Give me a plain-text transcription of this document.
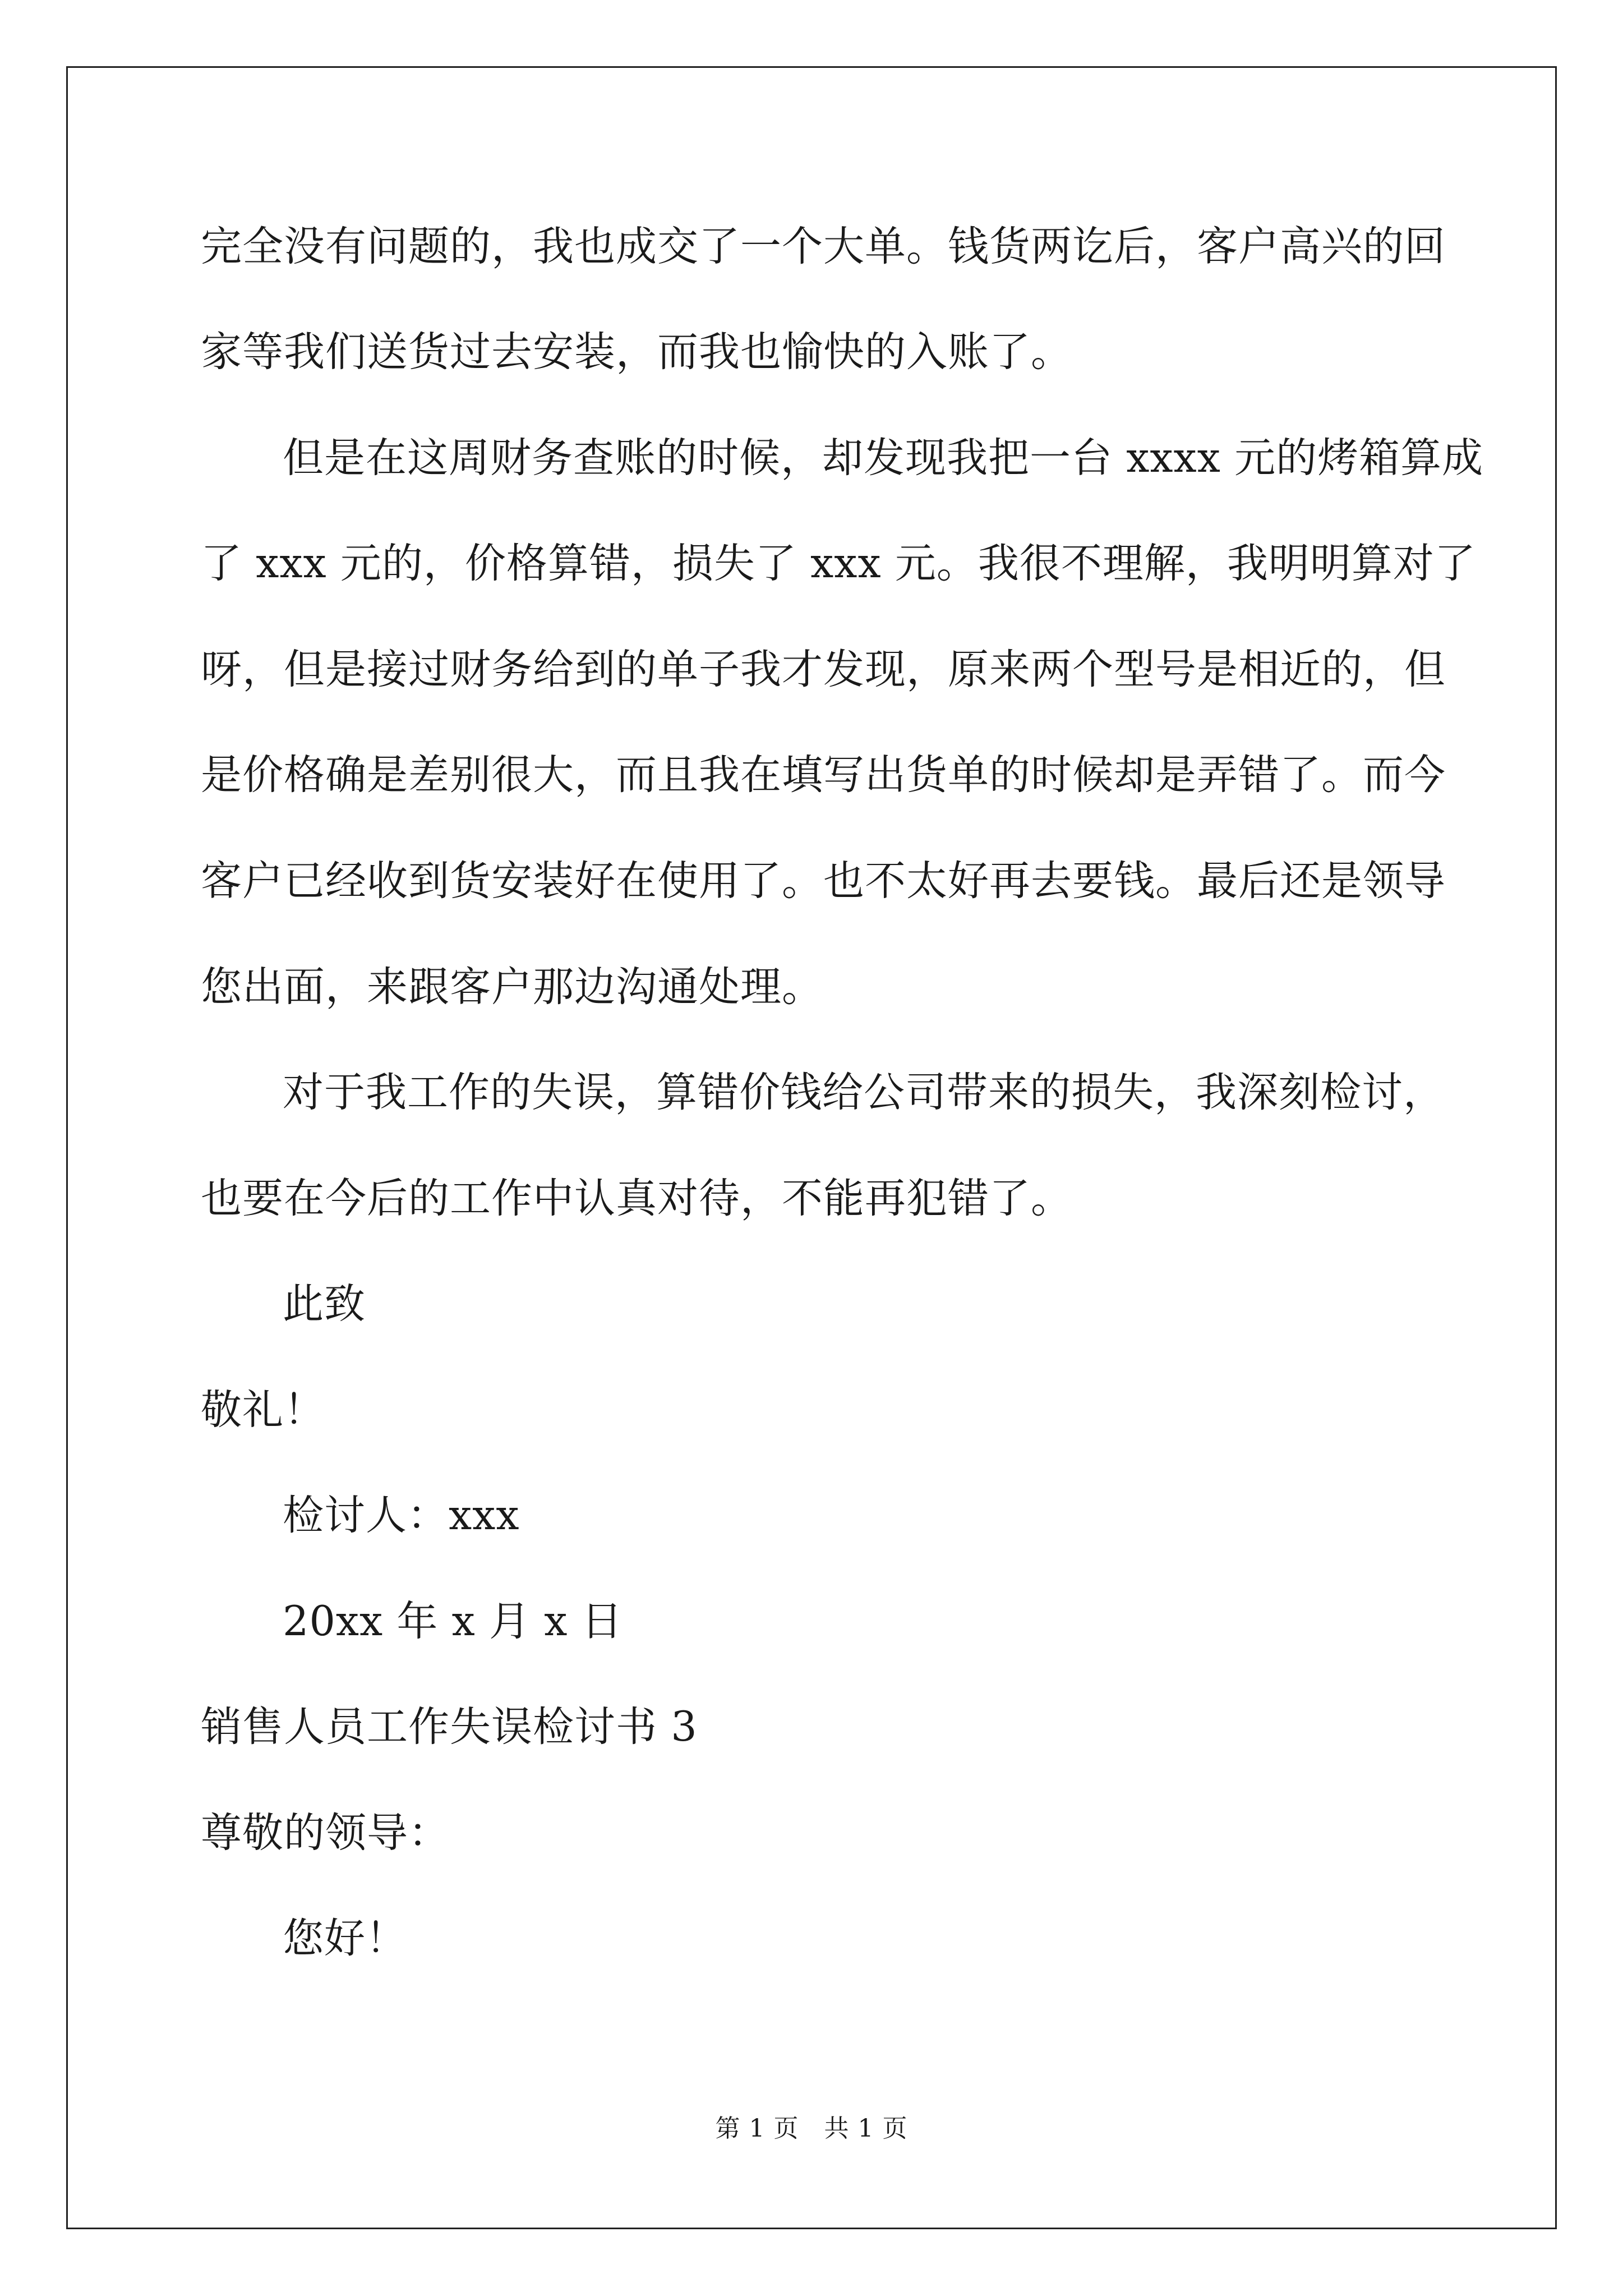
完全没有问题的，我也成交了一个大单。钱货两讫后，客户高兴的回
家等我们送货过去安装，而我也愉快的入账了。
但是在这周财务查账的时候，却发现我把一台 xxxx 元的烤箱算成
了 xxx 元的，价格算错，损失了 xxx 元。我很不理解，我明明算对了
呀，但是接过财务给到的单子我才发现，原来两个型号是相近的，但
是价格确是差别很大，而且我在填写出货单的时候却是弄错了。而今
客户已经收到货安装好在使用了。也不太好再去要钱。最后还是领导
您出面，来跟客户那边沟通处理。
对于我工作的失误，算错价钱给公司带来的损失，我深刻检讨，
也要在今后的工作中认真对待，不能再犯错了。
此致
敬礼！
检讨人：xxx
20xx 年 x 月 x 日
销售人员工作失误检讨书 3
尊敬的领导：
您好！
第 1 页　共 1 页
